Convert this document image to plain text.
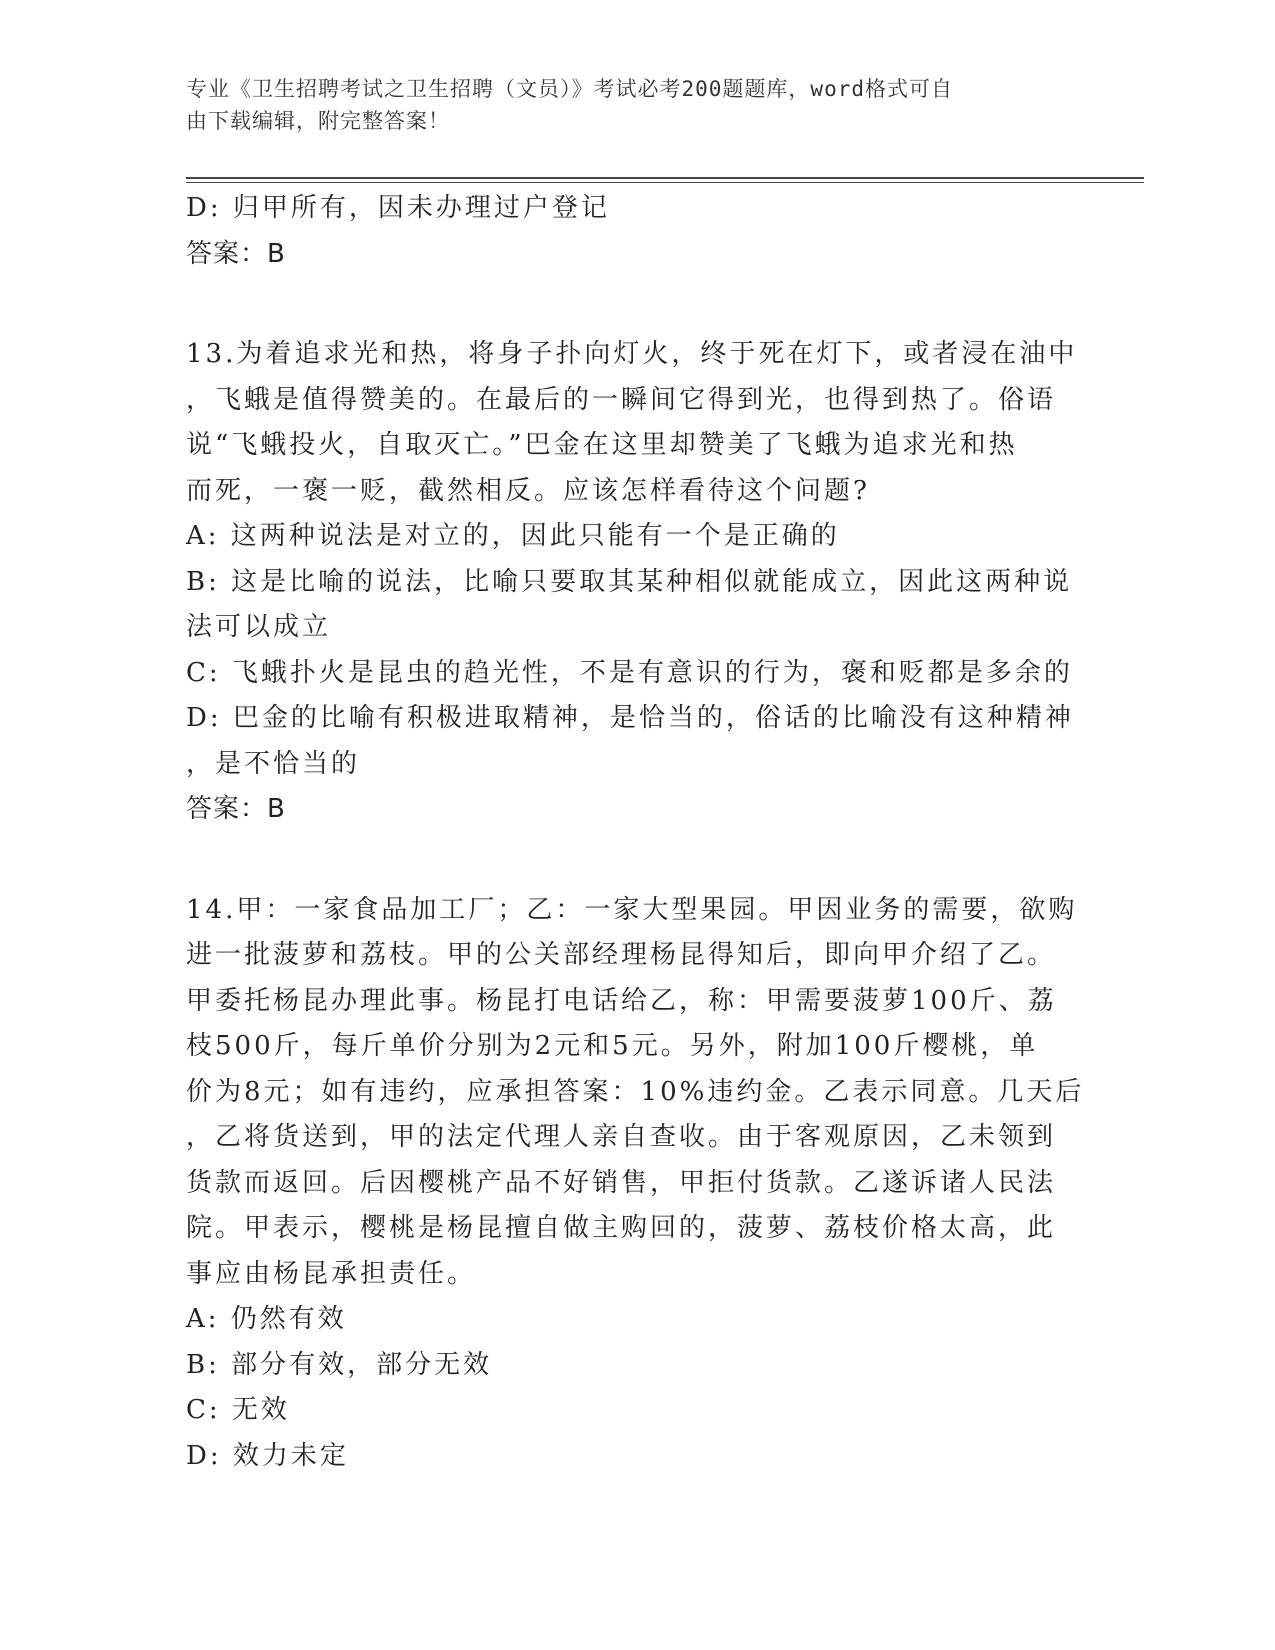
专业《卫生招聘考试之卫生招聘（文员）》考试必考200题题库，word格式可自
由下载编辑，附完整答案！

D: 归甲所有，因未办理过户登记

答案：B

13.为着追求光和热，将身子扑向灯火，终于死在灯下，或者浸在油中

，飞蛾是值得赞美的。在最后的一瞬间它得到光，也得到热了。俗语

说“飞蛾投火，自取灭亡。”巴金在这里却赞美了飞蛾为追求光和热

而死，一褒一贬，截然相反。应该怎样看待这个问题?

A: 这两种说法是对立的，因此只能有一个是正确的

B: 这是比喻的说法，比喻只要取其某种相似就能成立，因此这两种说

法可以成立

C: 飞蛾扑火是昆虫的趋光性，不是有意识的行为，褒和贬都是多余的

D: 巴金的比喻有积极进取精神，是恰当的，俗话的比喻没有这种精神

，是不恰当的

答案：B

14.甲：一家食品加工厂；乙：一家大型果园。甲因业务的需要，欲购

进一批菠萝和荔枝。甲的公关部经理杨昆得知后，即向甲介绍了乙。

甲委托杨昆办理此事。杨昆打电话给乙，称：甲需要菠萝100斤、荔

枝500斤，每斤单价分别为2元和5元。另外，附加100斤樱桃，单

价为8元；如有违约，应承担答案：10%违约金。乙表示同意。几天后

，乙将货送到，甲的法定代理人亲自查收。由于客观原因，乙未领到

货款而返回。后因樱桃产品不好销售，甲拒付货款。乙遂诉诸人民法

院。甲表示，樱桃是杨昆擅自做主购回的，菠萝、荔枝价格太高，此

事应由杨昆承担责任。

A: 仍然有效

B: 部分有效，部分无效

C: 无效

D: 效力未定
